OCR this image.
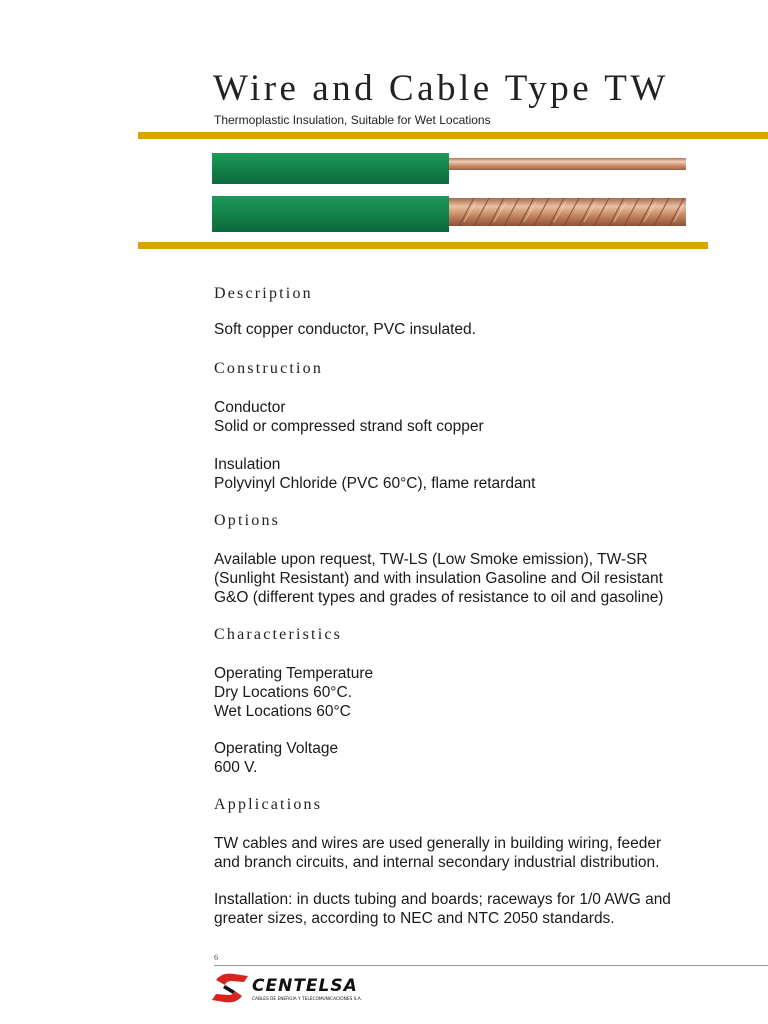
Wire and Cable Type TW
Thermoplastic Insulation, Suitable for Wet Locations
Description

Soft copper conductor, PVC insulated.

Construction

Conductor
Solid or compressed strand soft copper

Insulation
Polyvinyl Chloride (PVC 60°C), flame retardant

Options

Available upon request, TW-LS (Low Smoke emission), TW-SR
(Sunlight Resistant) and with insulation Gasoline and Oil resistant
G&O (different types and grades of resistance to oil and gasoline)

Characteristics

Operating Temperature
Dry Locations 60°C.
Wet Locations 60°C

Operating Voltage
600 V.

Applications

TW cables and wires are used generally in building wiring, feeder
and branch circuits, and internal secondary industrial distribution.

Installation: in ducts tubing and boards; raceways for 1/0 AWG and
greater sizes, according to NEC and NTC 2050 standards.

6
CENTELSA
CABLES DE ENERGIA Y TELECOMUNICACIONES S.A.
